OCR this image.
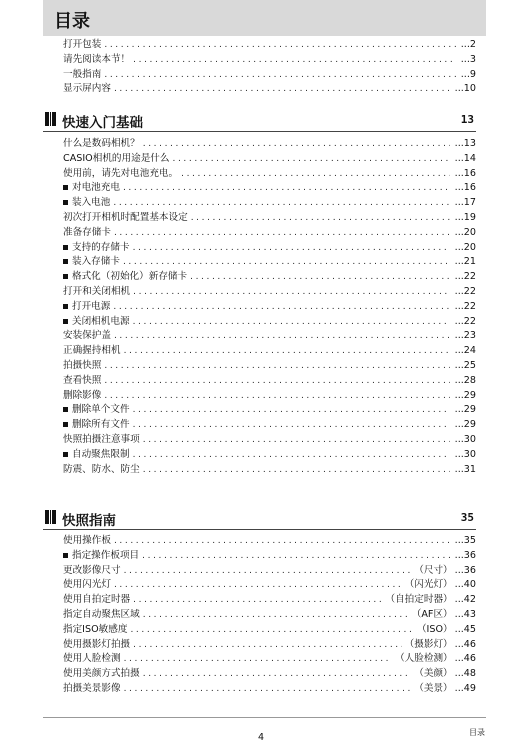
目录
打开包装 .....	...2
请先阅读本节！ .....	...3
一般指南 .....	...9
显示屏内容 .....	...10
快速入门基础	13
什么是数码相机？ .....	...13
CASIO相机的用途是什么 .....	...14
使用前，请先对电池充电。 .....	...16
对电池充电 .....	...16
装入电池 .....	...17
初次打开相机时配置基本设定 .....	...19
准备存储卡 .....	...20
支持的存储卡 .....	...20
装入存储卡 .....	...21
格式化（初始化）新存储卡 .....	...22
打开和关闭相机 .....	...22
打开电源 .....	...22
关闭相机电源 .....	...22
安装保护盖 .....	...23
正确握持相机 .....	...24
拍摄快照 .....	...25
查看快照 .....	...28
删除影像 .....	...29
删除单个文件 .....	...29
删除所有文件 .....	...29
快照拍摄注意事项 .....	...30
自动聚焦限制 .....	...30
防震、防水、防尘 .....	...31
快照指南	35
使用操作板 .....	...35
指定操作板项目 .....	...36
更改影像尺寸 .....	（尺寸） ...36
使用闪光灯 .....	（闪光灯） ...40
使用自拍定时器 .....	（自拍定时器） ...42
指定自动聚焦区域 .....	（AF区） ...43
指定ISO敏感度 .....	（ISO） ...45
使用摄影灯拍摄 .....	（摄影灯） ...46
使用人脸检测 .....	（人脸检测） ...46
使用美颜方式拍摄 .....	（美颜） ...48
拍摄美景影像 .....	（美景） ...49
4	目录
